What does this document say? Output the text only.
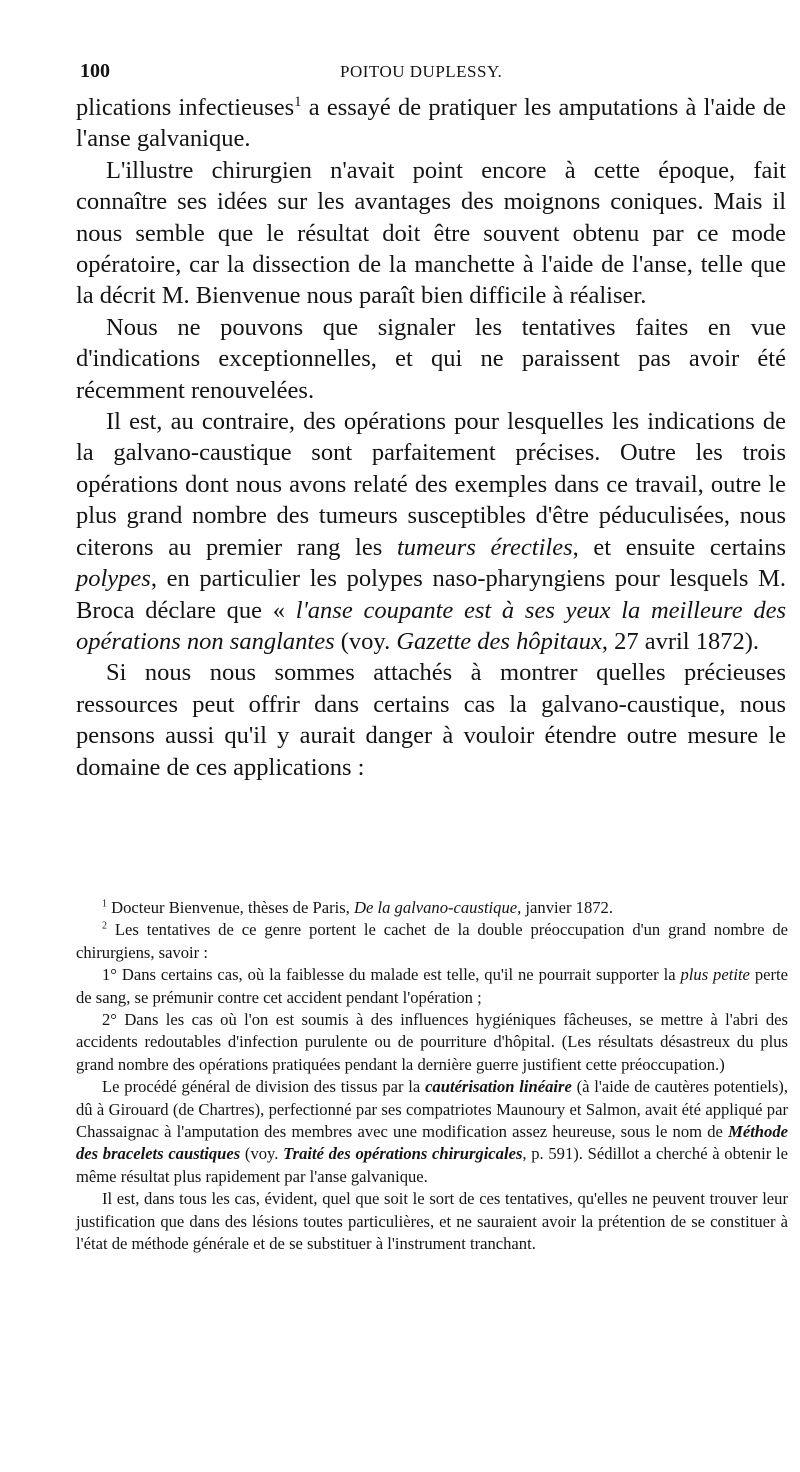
100	POITOU DUPLESSY.

plications infectieuses$^1$ a essayé de pratiquer les amputations à l'aide de l'anse galvanique.

L'illustre chirurgien n'avait point encore à cette époque, fait connaître ses idées sur les avantages des moignons coniques. Mais il nous semble que le résultat doit être souvent obtenu par ce mode opératoire, car la dissection de la manchette à l'aide de l'anse, telle que la décrit M. Bienvenue nous paraît bien difficile à réaliser.

Nous ne pouvons que signaler les tentatives faites en vue d'indications exceptionnelles, et qui ne paraissent pas avoir été récemment renouvelées.

Il est, au contraire, des opérations pour lesquelles les indications de la galvano-caustique sont parfaitement précises. Outre les trois opérations dont nous avons relaté des exemples dans ce travail, outre le plus grand nombre des tumeurs susceptibles d'être péduculisées, nous citerons au premier rang les tumeurs érectiles, et ensuite certains polypes, en particulier les polypes naso-pharyngiens pour lesquels M. Broca déclare que « l'anse coupante est à ses yeux la meilleure des opérations non sanglantes (voy. Gazette des hôpitaux, 27 avril 1872).

Si nous nous sommes attachés à montrer quelles précieuses ressources peut offrir dans certains cas la galvano-caustique, nous pensons aussi qu'il y aurait danger à vouloir étendre outre mesure le domaine de ces applications :

$^1$ Docteur Bienvenue, thèses de Paris, De la galvano-caustique, janvier 1872.

$^2$ Les tentatives de ce genre portent le cachet de la double préoccupation d'un grand nombre de chirurgiens, savoir :

1° Dans certains cas, où la faiblesse du malade est telle, qu'il ne pourrait supporter la plus petite perte de sang, se prémunir contre cet accident pendant l'opération ;

2° Dans les cas où l'on est soumis à des influences hygiéniques fâcheuses, se mettre à l'abri des accidents redoutables d'infection purulente ou de pourriture d'hôpital. (Les résultats désastreux du plus grand nombre des opérations pratiquées pendant la dernière guerre justifient cette préoccupation.)

Le procédé général de division des tissus par la cautérisation linéaire (à l'aide de cautères potentiels), dû à Girouard (de Chartres), perfectionné par ses compatriotes Maunoury et Salmon, avait été appliqué par Chassaignac à l'amputation des membres avec une modification assez heureuse, sous le nom de Méthode des bracelets caustiques (voy. Traité des opérations chirurgicales, p. 591). Sédillot a cherché à obtenir le même résultat plus rapidement par l'anse galvanique.

Il est, dans tous les cas, évident, quel que soit le sort de ces tentatives, qu'elles ne peuvent trouver leur justification que dans des lésions toutes particulières, et ne sauraient avoir la prétention de se constituer à l'état de méthode générale et de se substituer à l'instrument tranchant.
